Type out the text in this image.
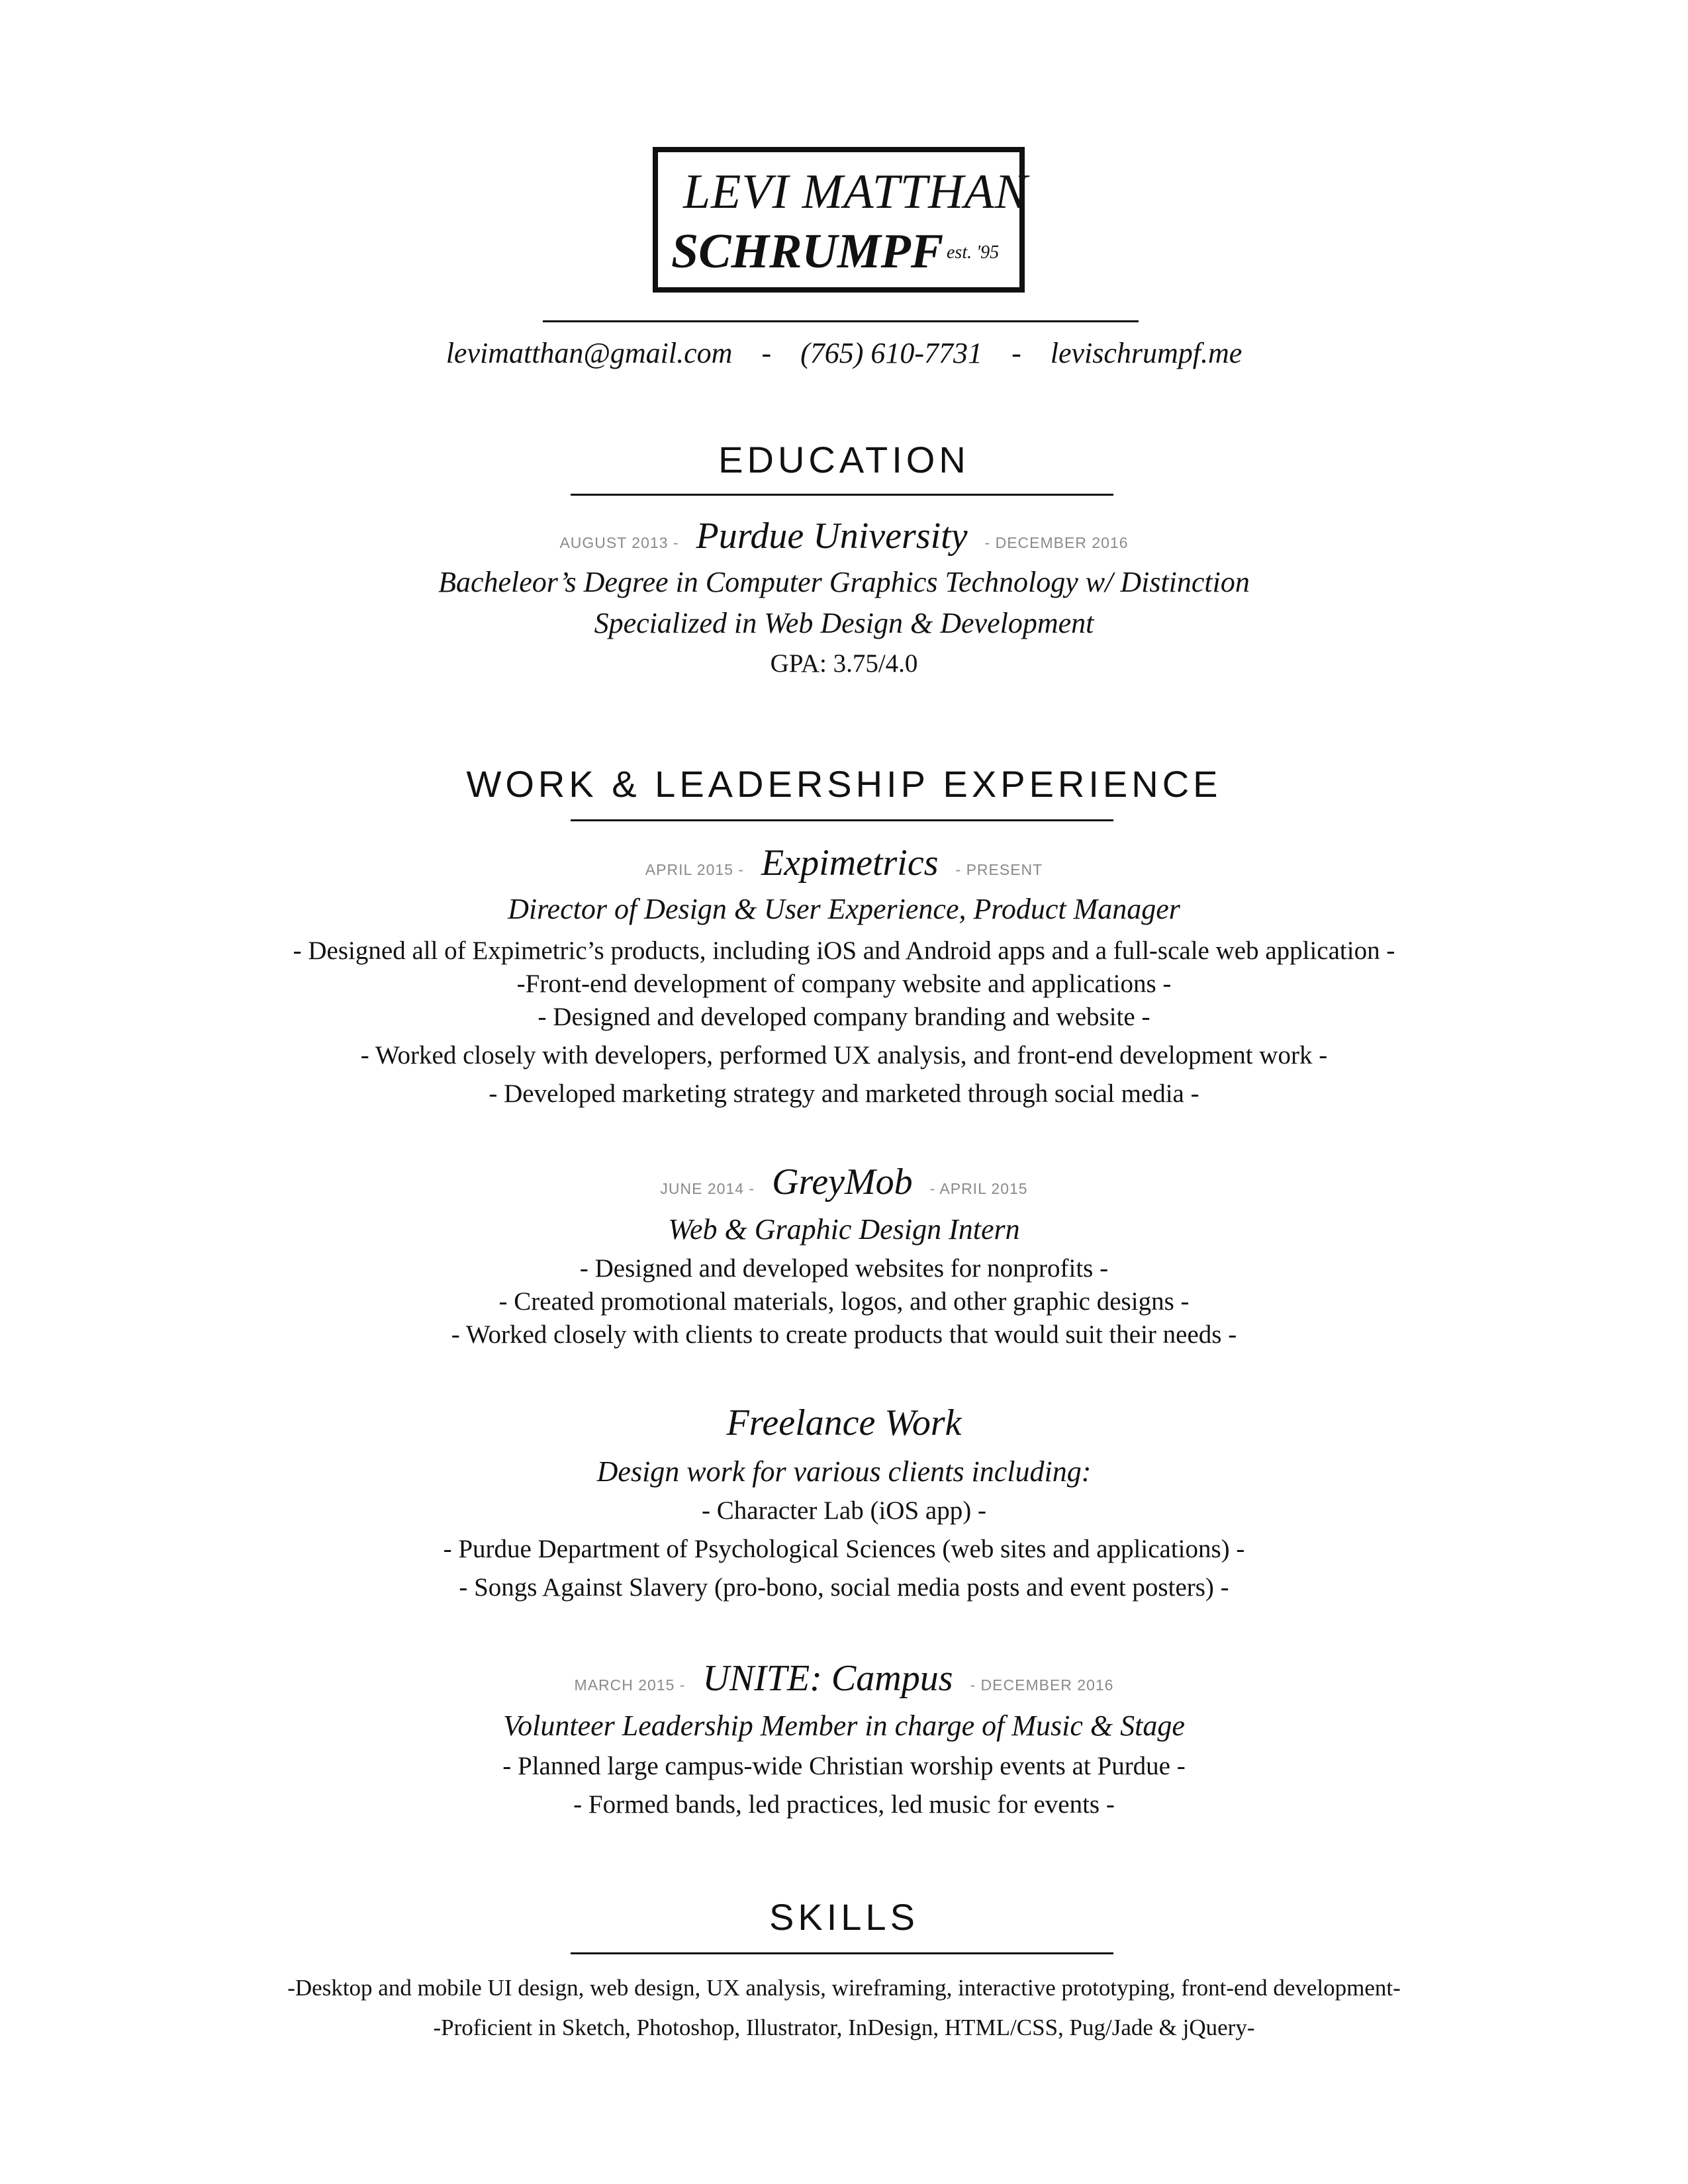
LEVI MATTHAN
SCHRUMPF est. '95
levimatthan@gmail.com - (765) 610-7731 - levischrumpf.me
EDUCATION
AUGUST 2013 - Purdue University - DECEMBER 2016
Bacheleor’s Degree in Computer Graphics Technology w/ Distinction
Specialized in Web Design & Development
GPA: 3.75/4.0
WORK & LEADERSHIP EXPERIENCE
APRIL 2015 - Expimetrics - PRESENT
Director of Design & User Experience, Product Manager
- Designed all of Expimetric’s products, including iOS and Android apps and a full-scale web application -
-Front-end development of company website and applications -
- Designed and developed company branding and website -
- Worked closely with developers, performed UX analysis, and front-end development work -
- Developed marketing strategy and marketed through social media -
JUNE 2014 - GreyMob - APRIL 2015
Web & Graphic Design Intern
- Designed and developed websites for nonprofits -
- Created promotional materials, logos, and other graphic designs -
- Worked closely with clients to create products that would suit their needs -
Freelance Work
Design work for various clients including:
- Character Lab (iOS app) -
- Purdue Department of Psychological Sciences (web sites and applications) -
- Songs Against Slavery (pro-bono, social media posts and event posters) -
MARCH 2015 - UNITE: Campus - DECEMBER 2016
Volunteer Leadership Member in charge of Music & Stage
- Planned large campus-wide Christian worship events at Purdue -
- Formed bands, led practices, led music for events -
SKILLS
-Desktop and mobile UI design, web design, UX analysis, wireframing, interactive prototyping, front-end development-
-Proficient in Sketch, Photoshop, Illustrator, InDesign, HTML/CSS, Pug/Jade & jQuery-
